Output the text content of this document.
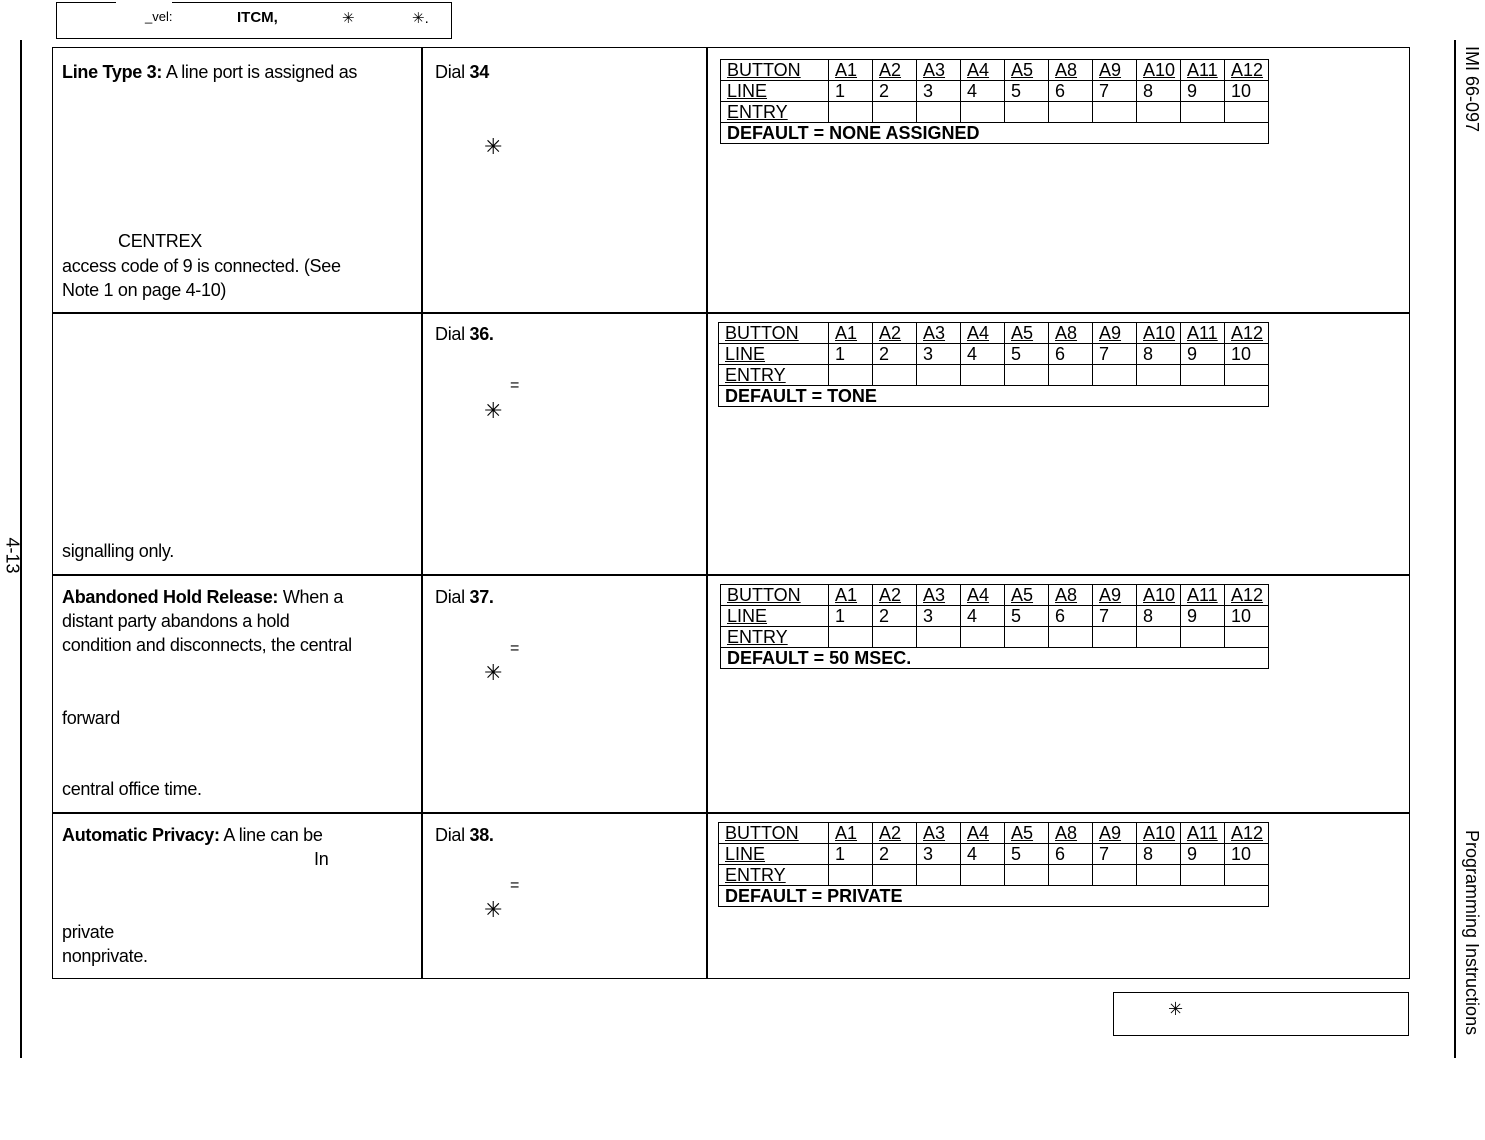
_vel:	ITCM,	✳	✳.
4-13
IMI 66-097
Programming Instructions
Line Type 3: A line port is assigned as
CENTREX
access code of 9 is connected. (See
Note 1 on page 4-10)
Dial 34
✳
BUTTON	A1	A2	A3	A4	A5	A8	A9	A10	A11	A12
LINE	1	2	3	4	5	6	7	8	9	10
ENTRY										
DEFAULT = NONE ASSIGNED										
signalling only.
Dial 36.
=
✳
BUTTON	A1	A2	A3	A4	A5	A8	A9	A10	A11	A12
LINE	1	2	3	4	5	6	7	8	9	10
ENTRY										
DEFAULT = TONE										
Abandoned Hold Release: When a
distant party abandons a hold
condition and disconnects, the central
forward
central office time.
Dial 37.
=
✳
BUTTON	A1	A2	A3	A4	A5	A8	A9	A10	A11	A12
LINE	1	2	3	4	5	6	7	8	9	10
ENTRY										
DEFAULT = 50 MSEC.										
Automatic Privacy: A line can be
In
private
nonprivate.
Dial 38.
=
✳
BUTTON	A1	A2	A3	A4	A5	A8	A9	A10	A11	A12
LINE	1	2	3	4	5	6	7	8	9	10
ENTRY										
DEFAULT = PRIVATE										
✳
